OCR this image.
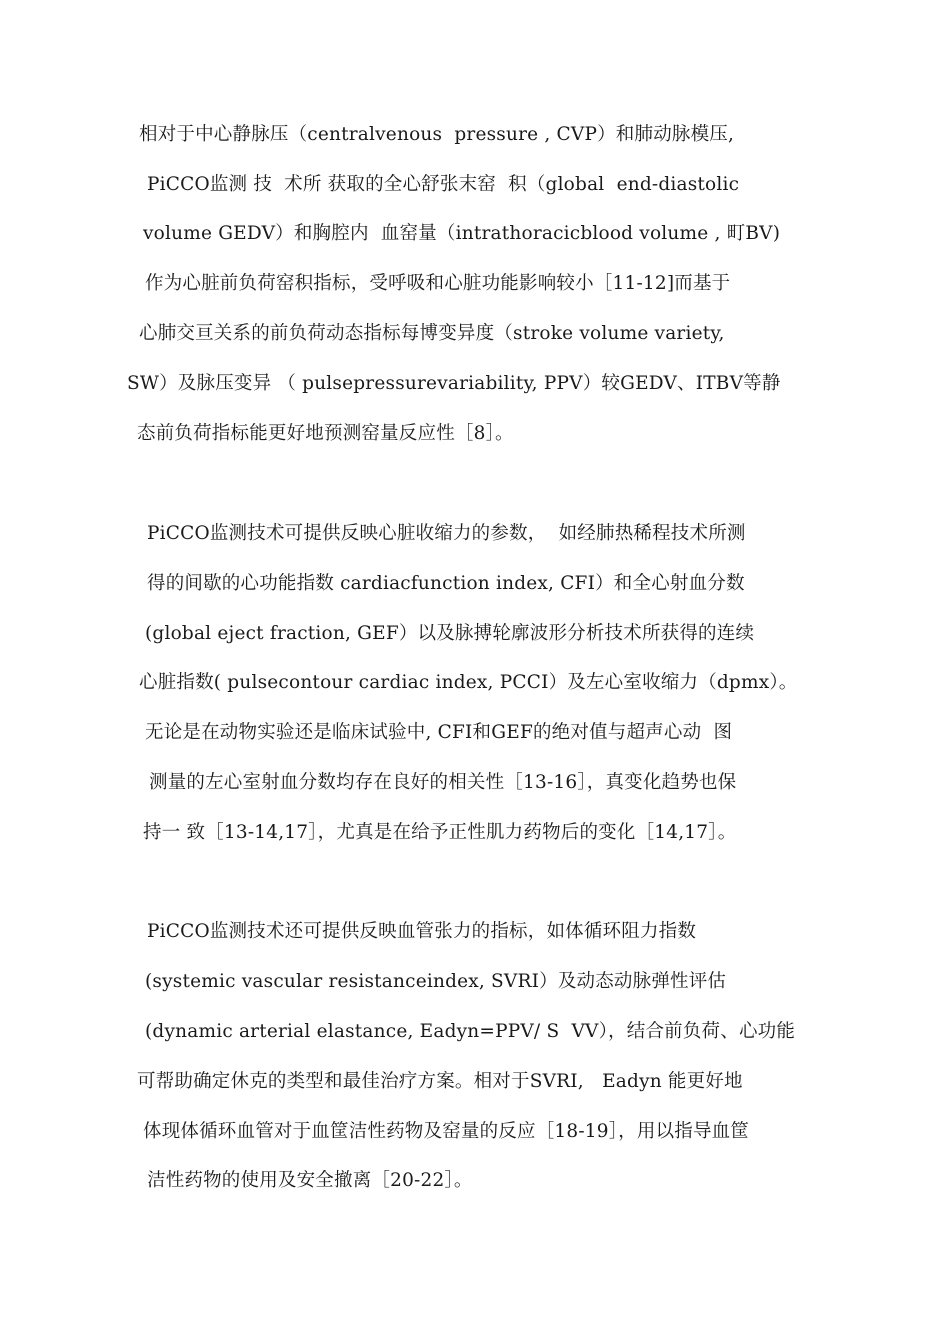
相对于中心静脉压（centralvenous  pressure , CVP）和肺动脉模压,
PiCCO监测 技  术所 获取的全心舒张末窑  积（global  end-diastolic
volume GEDV）和胸腔内  血窑量（intrathoracicblood volume , 町BV)
作为心脏前负荷窑积指标，受呼吸和心脏功能影响较小［11-12]而基于
心肺交亘关系的前负荷动态指标每博变异度（stroke volume variety,
SW）及脉压变异 （ pulsepressurevariability, PPV）较GEDV、ITBV等静
态前负荷指标能更好地预测窑量反应性［8］。
PiCCO监测技术可提供反映心脏收缩力的参数，  如经肺热稀程技术所测
得的间歇的心功能指数 cardiacfunction index, CFI）和全心射血分数
(global eject fraction, GEF）以及脉搏轮廓波形分析技术所获得的连续
心脏指数( pulsecontour cardiac index, PCCI）及左心室收缩力（dpmx）。
无论是在动物实验还是临床试验中, CFI和GEF的绝对值与超声心动  图
测量的左心室射血分数均存在良好的相关性［13-16］，真变化趋势也保
持一 致［13-14,17］，尤真是在给予正性肌力药物后的变化［14,17］。
PiCCO监测技术还可提供反映血管张力的指标，如体循环阻力指数
(systemic vascular resistanceindex, SVRI）及动态动脉弹性评估
(dynamic arterial elastance, Eadyn=PPV/ S  VV），结合前负荷、心功能
可帮助确定休克的类型和最佳治疗方案。相对于SVRI,   Eadyn 能更好地
体现体循环血管对于血筐洁性药物及窑量的反应［18-19］，用以指导血筐
洁性药物的使用及安全撤离［20-22］。
